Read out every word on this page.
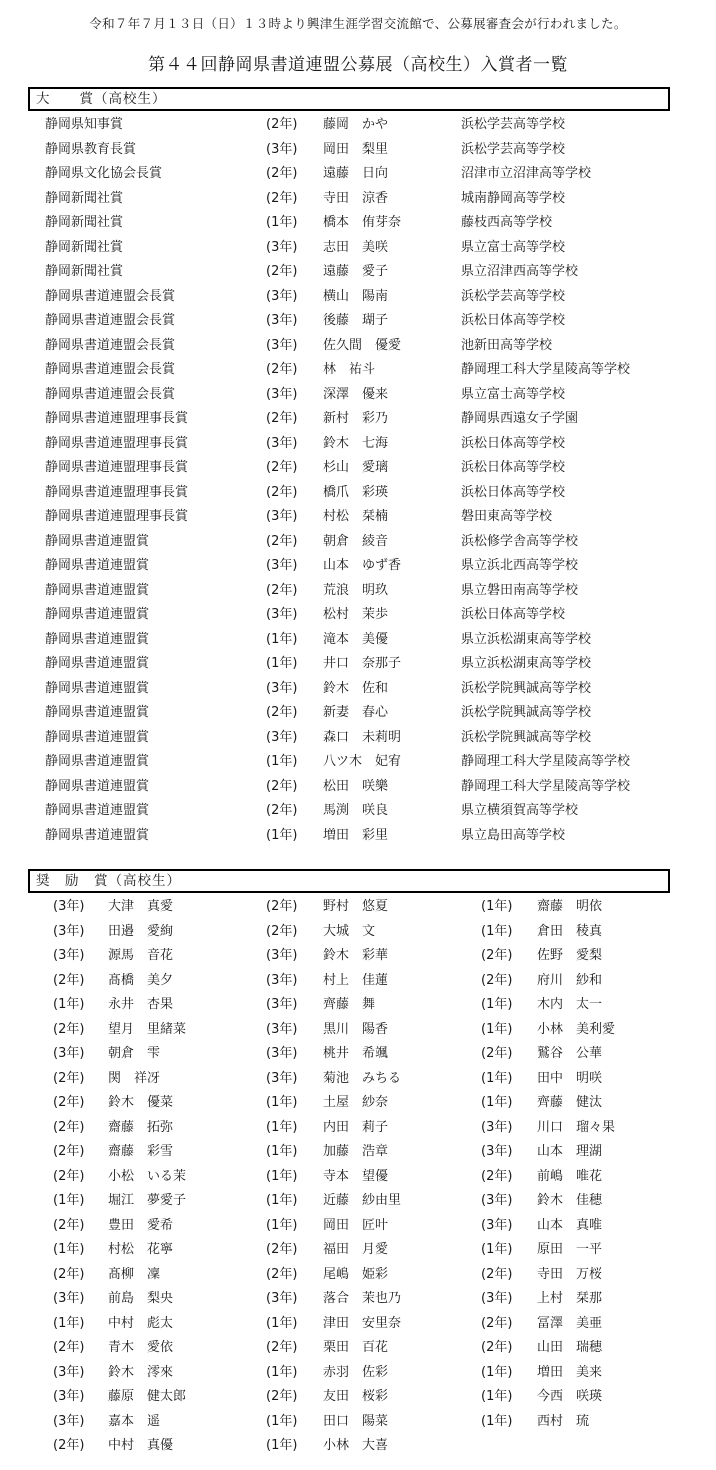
令和７年７月１３日（日）１３時より興津生涯学習交流館で、公募展審査会が行われました。
第４４回静岡県書道連盟公募展（高校生）入賞者一覧
大　　賞（高校生）
静岡県知事賞	(2年) 藤岡　かや	浜松学芸高等学校
静岡県教育長賞	(3年) 岡田　梨里	浜松学芸高等学校
静岡県文化協会長賞	(2年) 遠藤　日向	沼津市立沼津高等学校
静岡新聞社賞	(2年) 寺田　涼香	城南静岡高等学校
静岡新聞社賞	(1年) 橋本　侑芽奈	藤枝西高等学校
静岡新聞社賞	(3年) 志田　美咲	県立富士高等学校
静岡新聞社賞	(2年) 遠藤　愛子	県立沼津西高等学校
静岡県書道連盟会長賞	(3年) 横山　陽南	浜松学芸高等学校
静岡県書道連盟会長賞	(3年) 後藤　瑚子	浜松日体高等学校
静岡県書道連盟会長賞	(3年) 佐久間　優愛	池新田高等学校
静岡県書道連盟会長賞	(2年) 林　祐斗	静岡理工科大学星陵高等学校
静岡県書道連盟会長賞	(3年) 深澤　優来	県立富士高等学校
静岡県書道連盟理事長賞	(2年) 新村　彩乃	静岡県西遠女子学園
静岡県書道連盟理事長賞	(3年) 鈴木　七海	浜松日体高等学校
静岡県書道連盟理事長賞	(2年) 杉山　愛璃	浜松日体高等学校
静岡県書道連盟理事長賞	(2年) 橋爪　彩瑛	浜松日体高等学校
静岡県書道連盟理事長賞	(3年) 村松　栞楠	磐田東高等学校
静岡県書道連盟賞	(2年) 朝倉　綾音	浜松修学舎高等学校
静岡県書道連盟賞	(3年) 山本　ゆず香	県立浜北西高等学校
静岡県書道連盟賞	(2年) 荒浪　明玖	県立磐田南高等学校
静岡県書道連盟賞	(3年) 松村　茉歩	浜松日体高等学校
静岡県書道連盟賞	(1年) 滝本　美優	県立浜松湖東高等学校
静岡県書道連盟賞	(1年) 井口　奈那子	県立浜松湖東高等学校
静岡県書道連盟賞	(3年) 鈴木　佐和	浜松学院興誠高等学校
静岡県書道連盟賞	(2年) 新妻　春心	浜松学院興誠高等学校
静岡県書道連盟賞	(3年) 森口　未莉明	浜松学院興誠高等学校
静岡県書道連盟賞	(1年) 八ツ木　妃宥	静岡理工科大学星陵高等学校
静岡県書道連盟賞	(2年) 松田　咲樂	静岡理工科大学星陵高等学校
静岡県書道連盟賞	(2年) 馬渕　咲良	県立横須賀高等学校
静岡県書道連盟賞	(1年) 増田　彩里	県立島田高等学校
奨　励　賞（高校生）
(3年) 大津　真愛	(2年) 野村　悠夏	(1年) 齋藤　明依
(3年) 田邉　愛絢	(2年) 大城　文	(1年) 倉田　稜真
(3年) 源馬　音花	(3年) 鈴木　彩華	(2年) 佐野　愛梨
(2年) 髙橋　美夕	(3年) 村上　佳蓮	(2年) 府川　紗和
(1年) 永井　杏果	(3年) 齊藤　舞	(1年) 木内　太一
(2年) 望月　里緒菜	(3年) 黒川　陽香	(1年) 小林　美利愛
(3年) 朝倉　雫	(3年) 桃井　希颯	(2年) 鷲谷　公華
(2年) 関　祥冴	(3年) 菊池　みちる	(1年) 田中　明咲
(2年) 鈴木　優菜	(1年) 土屋　紗奈	(1年) 齊藤　健汰
(2年) 齋藤　拓弥	(1年) 内田　莉子	(3年) 川口　瑠々果
(2年) 齋藤　彩雪	(1年) 加藤　浩章	(3年) 山本　理湖
(2年) 小松　いる茉	(1年) 寺本　望優	(2年) 前嶋　唯花
(1年) 堀江　夢愛子	(1年) 近藤　紗由里	(3年) 鈴木　佳穂
(2年) 豊田　愛希	(1年) 岡田　匠叶	(3年) 山本　真唯
(1年) 村松　花寧	(2年) 福田　月愛	(1年) 原田　一平
(2年) 髙柳　凜	(2年) 尾嶋　姫彩	(2年) 寺田　万桜
(3年) 前島　梨央	(3年) 落合　茉也乃	(3年) 上村　栞那
(1年) 中村　彪太	(1年) 津田　安里奈	(2年) 冨澤　美亜
(2年) 青木　愛依	(2年) 栗田　百花	(2年) 山田　瑞穂
(3年) 鈴木　澪來	(1年) 赤羽　佐彩	(1年) 増田　美来
(3年) 藤原　健太郎	(2年) 友田　桜彩	(1年) 今西　咲瑛
(3年) 嘉本　遥	(1年) 田口　陽菜	(1年) 西村　琉
(2年) 中村　真優	(1年) 小林　大喜
